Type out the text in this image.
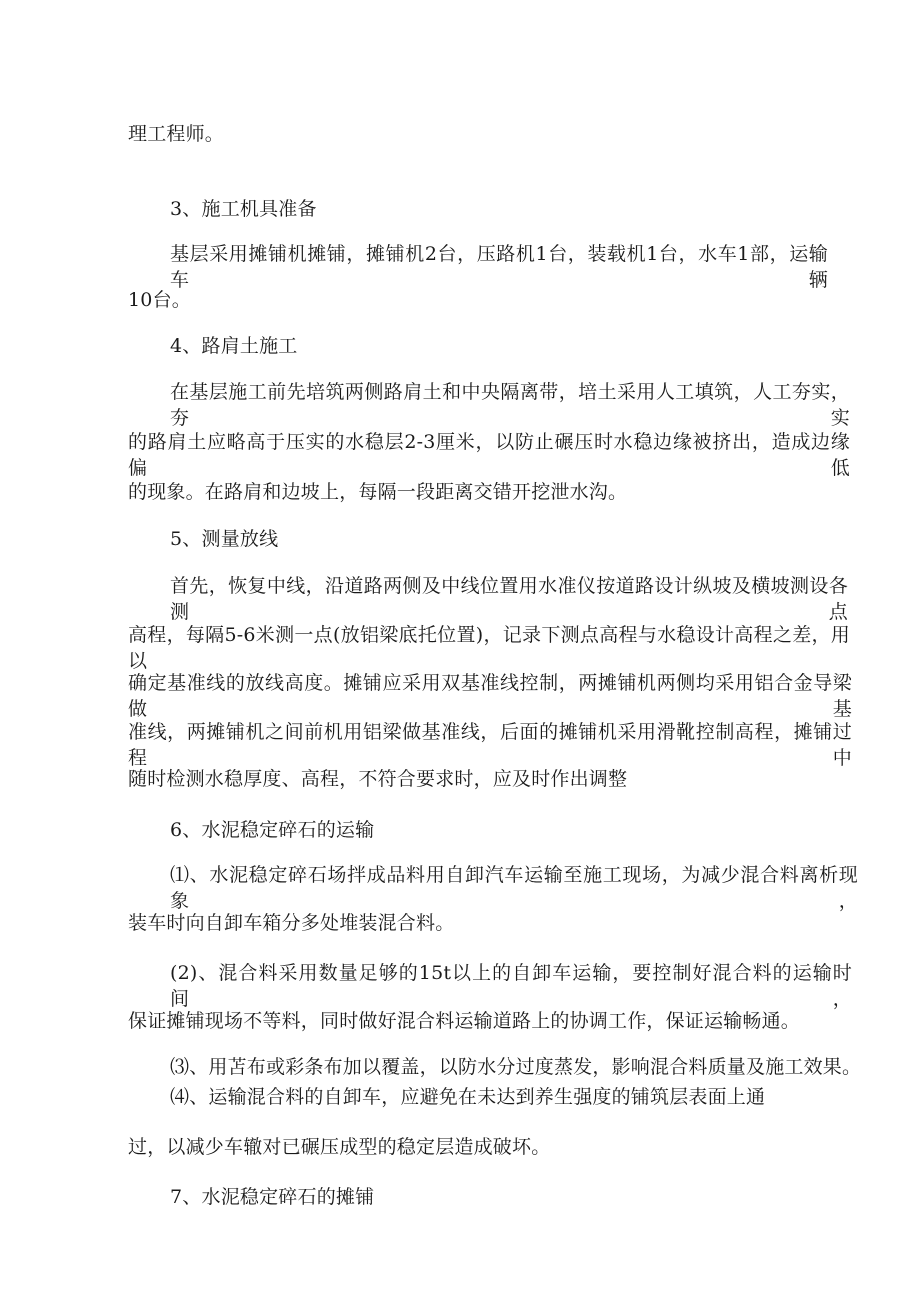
理工程师。
3、施工机具准备
基层采用摊铺机摊铺，摊铺机2台，压路机1台，装载机1台，水车1部，运输车辆
10台。
4、路肩土施工
在基层施工前先培筑两侧路肩土和中央隔离带，培土采用人工填筑，人工夯实，夯实
的路肩土应略高于压实的水稳层2-3厘米，以防止碾压时水稳边缘被挤出，造成边缘偏低
的现象。在路肩和边坡上，每隔一段距离交错开挖泄水沟。
5、测量放线
首先，恢复中线，沿道路两侧及中线位置用水准仪按道路设计纵坡及横坡测设各测点
高程，每隔5-6米测一点(放铝梁底托位置)，记录下测点高程与水稳设计高程之差，用以
确定基准线的放线高度。摊铺应采用双基准线控制，两摊铺机两侧均采用铝合金导梁做基
准线，两摊铺机之间前机用铝梁做基准线，后面的摊铺机采用滑靴控制高程，摊铺过程中
随时检测水稳厚度、高程，不符合要求时，应及时作出调整
6、水泥稳定碎石的运输
⑴、水泥稳定碎石场拌成品料用自卸汽车运输至施工现场，为减少混合料离析现象，
装车时向自卸车箱分多处堆装混合料。
(2)、混合料采用数量足够的15t以上的自卸车运输，要控制好混合料的运输时间，
保证摊铺现场不等料，同时做好混合料运输道路上的协调工作，保证运输畅通。
⑶、用苫布或彩条布加以覆盖，以防水分过度蒸发，影响混合料质量及施工效果。
⑷、运输混合料的自卸车，应避免在未达到养生强度的铺筑层表面上通
过，以减少车辙对已碾压成型的稳定层造成破坏。
7、水泥稳定碎石的摊铺
